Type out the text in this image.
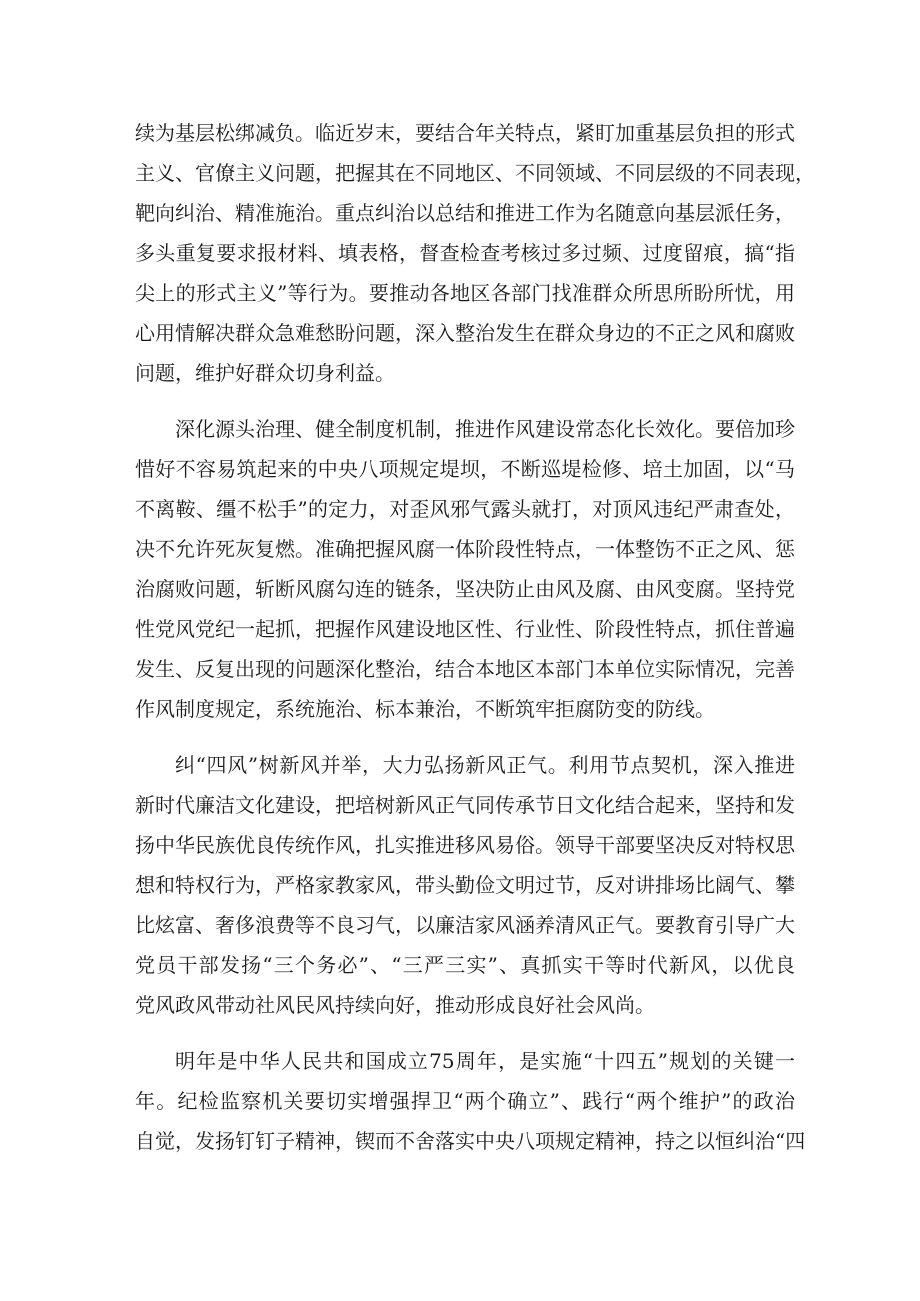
续为基层松绑减负。临近岁末，要结合年关特点，紧盯加重基层负担的形式
主义、官僚主义问题，把握其在不同地区、不同领域、不同层级的不同表现，
靶向纠治、精准施治。重点纠治以总结和推进工作为名随意向基层派任务，
多头重复要求报材料、填表格，督查检查考核过多过频、过度留痕，搞“指
尖上的形式主义”等行为。要推动各地区各部门找准群众所思所盼所忧，用
心用情解决群众急难愁盼问题，深入整治发生在群众身边的不正之风和腐败
问题，维护好群众切身利益。
深化源头治理、健全制度机制，推进作风建设常态化长效化。要倍加珍
惜好不容易筑起来的中央八项规定堤坝，不断巡堤检修、培土加固，以“马
不离鞍、缰不松手”的定力，对歪风邪气露头就打，对顶风违纪严肃查处，
决不允许死灰复燃。准确把握风腐一体阶段性特点，一体整饬不正之风、惩
治腐败问题，斩断风腐勾连的链条，坚决防止由风及腐、由风变腐。坚持党
性党风党纪一起抓，把握作风建设地区性、行业性、阶段性特点，抓住普遍
发生、反复出现的问题深化整治，结合本地区本部门本单位实际情况，完善
作风制度规定，系统施治、标本兼治，不断筑牢拒腐防变的防线。
纠“四风”树新风并举，大力弘扬新风正气。利用节点契机，深入推进
新时代廉洁文化建设，把培树新风正气同传承节日文化结合起来，坚持和发
扬中华民族优良传统作风，扎实推进移风易俗。领导干部要坚决反对特权思
想和特权行为，严格家教家风，带头勤俭文明过节，反对讲排场比阔气、攀
比炫富、奢侈浪费等不良习气，以廉洁家风涵养清风正气。要教育引导广大
党员干部发扬“三个务必”、“三严三实”、真抓实干等时代新风，以优良
党风政风带动社风民风持续向好，推动形成良好社会风尚。
明年是中华人民共和国成立75周年，是实施“十四五”规划的关键一
年。纪检监察机关要切实增强捍卫“两个确立”、践行“两个维护”的政治
自觉，发扬钉钉子精神，锲而不舍落实中央八项规定精神，持之以恒纠治“四
